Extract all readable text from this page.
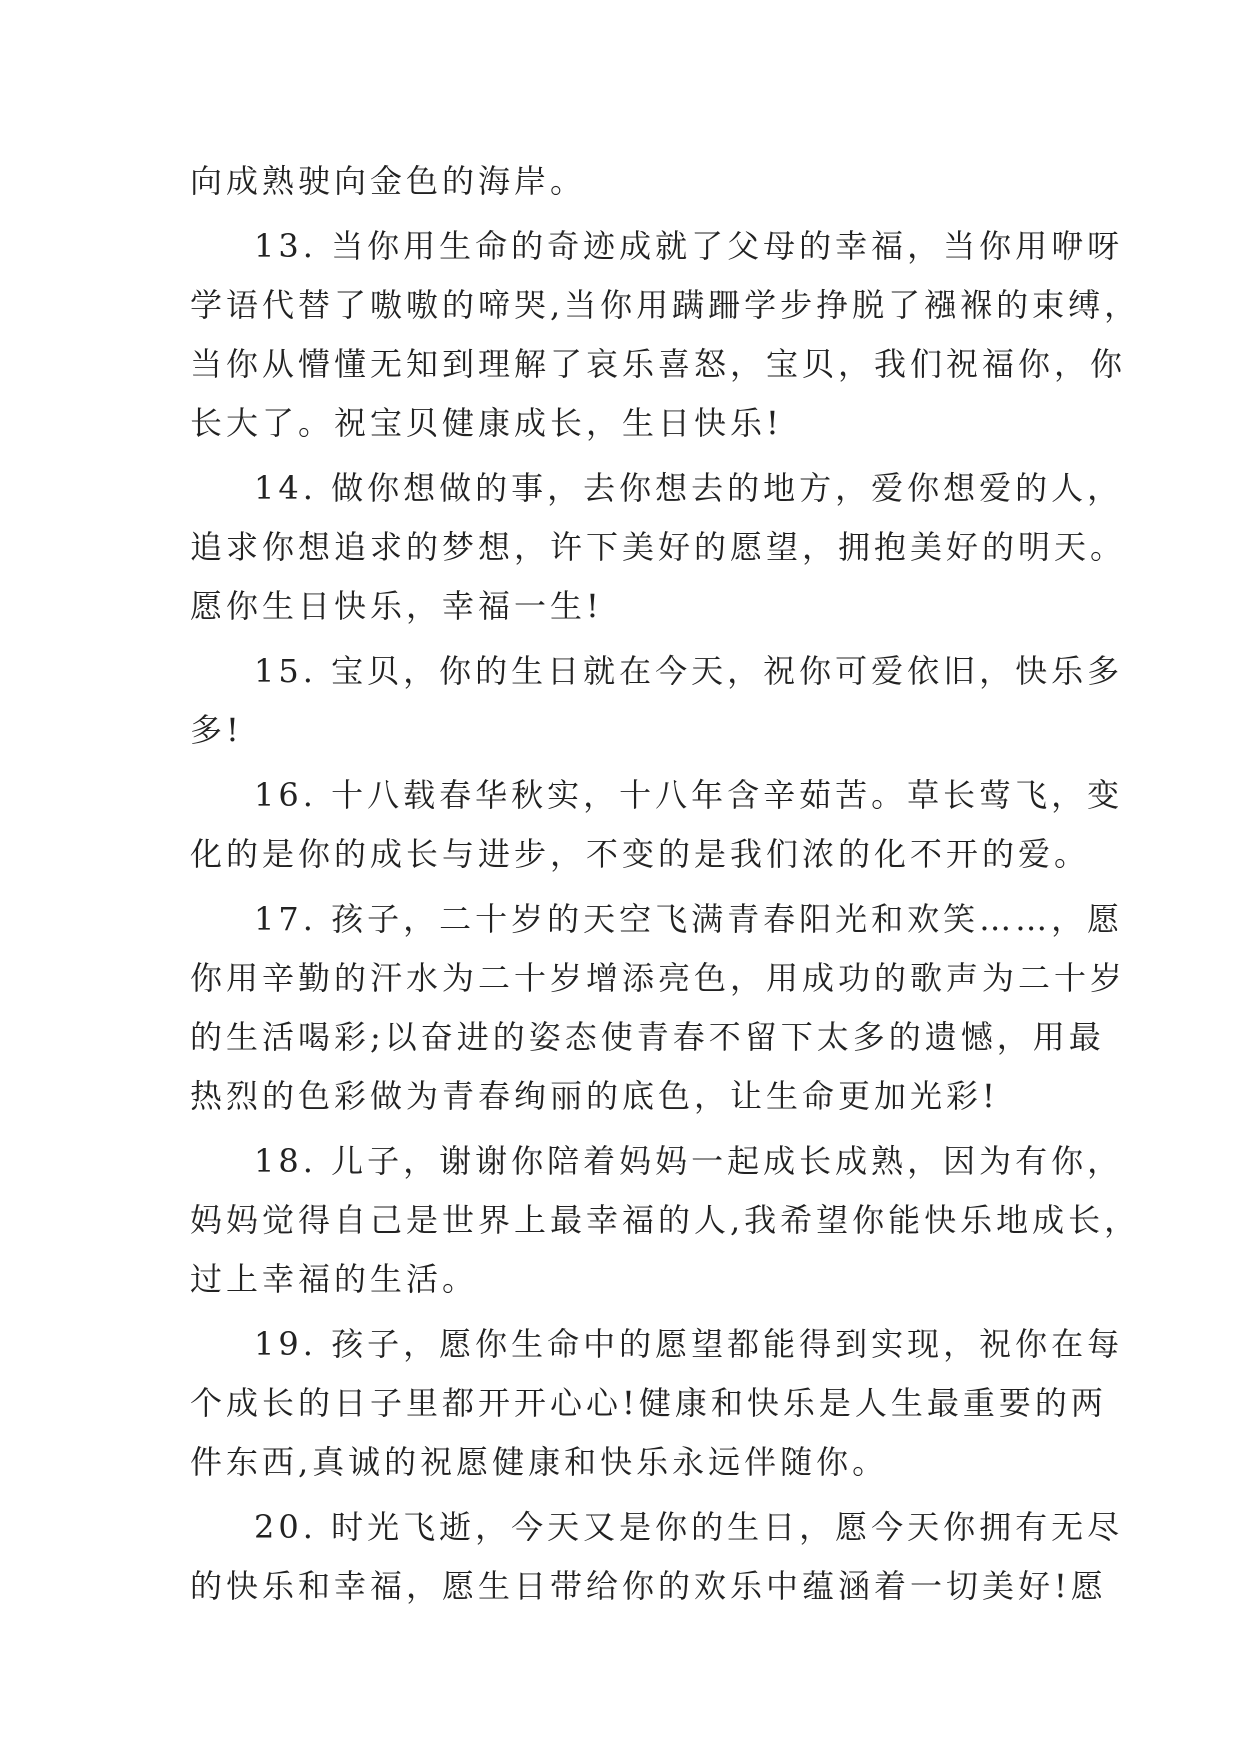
向成熟驶向金色的海岸。
13. 当你用生命的奇迹成就了父母的幸福，当你用咿呀
学语代替了嗷嗷的啼哭,当你用蹒跚学步挣脱了襁褓的束缚，
当你从懵懂无知到理解了哀乐喜怒，宝贝，我们祝福你，你
长大了。祝宝贝健康成长，生日快乐!
14. 做你想做的事，去你想去的地方，爱你想爱的人，
追求你想追求的梦想，许下美好的愿望，拥抱美好的明天。
愿你生日快乐，幸福一生!
15. 宝贝，你的生日就在今天，祝你可爱依旧，快乐多
多!
16. 十八载春华秋实，十八年含辛茹苦。草长莺飞，变
化的是你的成长与进步，不变的是我们浓的化不开的爱。
17. 孩子，二十岁的天空飞满青春阳光和欢笑……，愿
你用辛勤的汗水为二十岁增添亮色，用成功的歌声为二十岁
的生活喝彩;以奋进的姿态使青春不留下太多的遗憾，用最
热烈的色彩做为青春绚丽的底色，让生命更加光彩!
18. 儿子，谢谢你陪着妈妈一起成长成熟，因为有你，
妈妈觉得自己是世界上最幸福的人,我希望你能快乐地成长，
过上幸福的生活。
19. 孩子，愿你生命中的愿望都能得到实现，祝你在每
个成长的日子里都开开心心!健康和快乐是人生最重要的两
件东西,真诚的祝愿健康和快乐永远伴随你。
20. 时光飞逝，今天又是你的生日，愿今天你拥有无尽
的快乐和幸福，愿生日带给你的欢乐中蕴涵着一切美好!愿
